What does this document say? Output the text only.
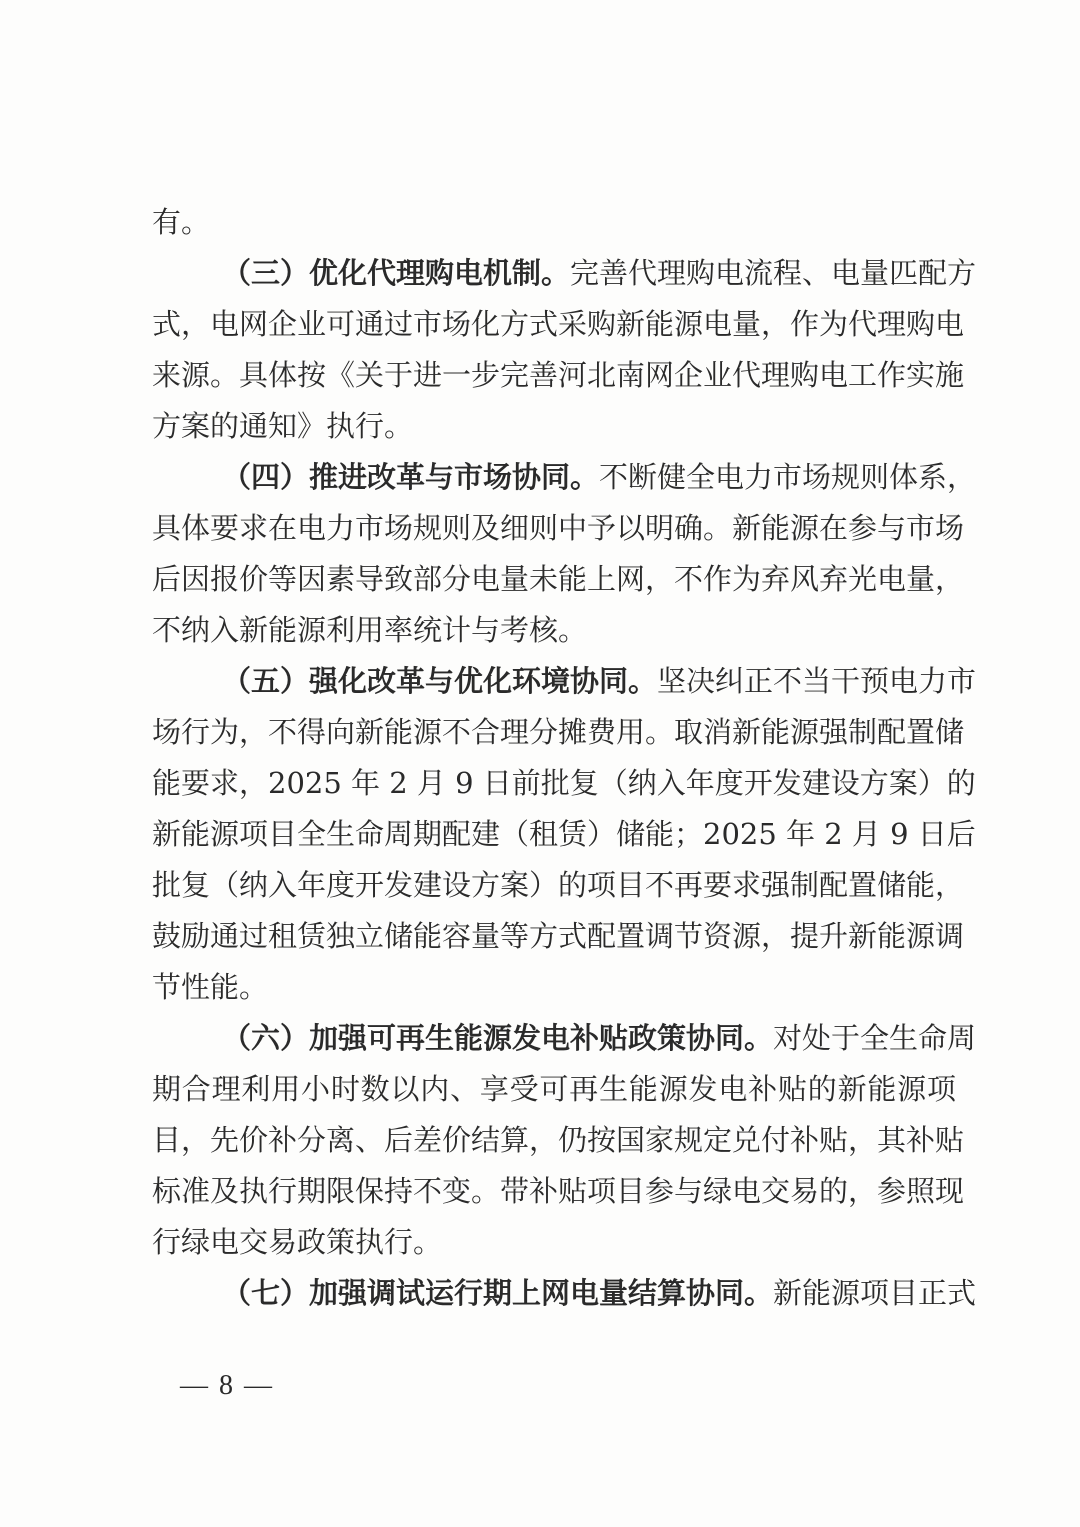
有。
（三）优化代理购电机制。完善代理购电流程、电量匹配方
式，电网企业可通过市场化方式采购新能源电量，作为代理购电
来源。具体按《关于进一步完善河北南网企业代理购电工作实施
方案的通知》执行。
（四）推进改革与市场协同。不断健全电力市场规则体系，
具体要求在电力市场规则及细则中予以明确。新能源在参与市场
后因报价等因素导致部分电量未能上网，不作为弃风弃光电量，
不纳入新能源利用率统计与考核。
（五）强化改革与优化环境协同。坚决纠正不当干预电力市
场行为，不得向新能源不合理分摊费用。取消新能源强制配置储
能要求，2025 年 2 月 9 日前批复（纳入年度开发建设方案）的
新能源项目全生命周期配建（租赁）储能；2025 年 2 月 9 日后
批复（纳入年度开发建设方案）的项目不再要求强制配置储能，
鼓励通过租赁独立储能容量等方式配置调节资源，提升新能源调
节性能。
（六）加强可再生能源发电补贴政策协同。对处于全生命周
期合理利用小时数以内、享受可再生能源发电补贴的新能源项
目，先价补分离、后差价结算，仍按国家规定兑付补贴，其补贴
标准及执行期限保持不变。带补贴项目参与绿电交易的，参照现
行绿电交易政策执行。
（七）加强调试运行期上网电量结算协同。新能源项目正式
— 8 —
